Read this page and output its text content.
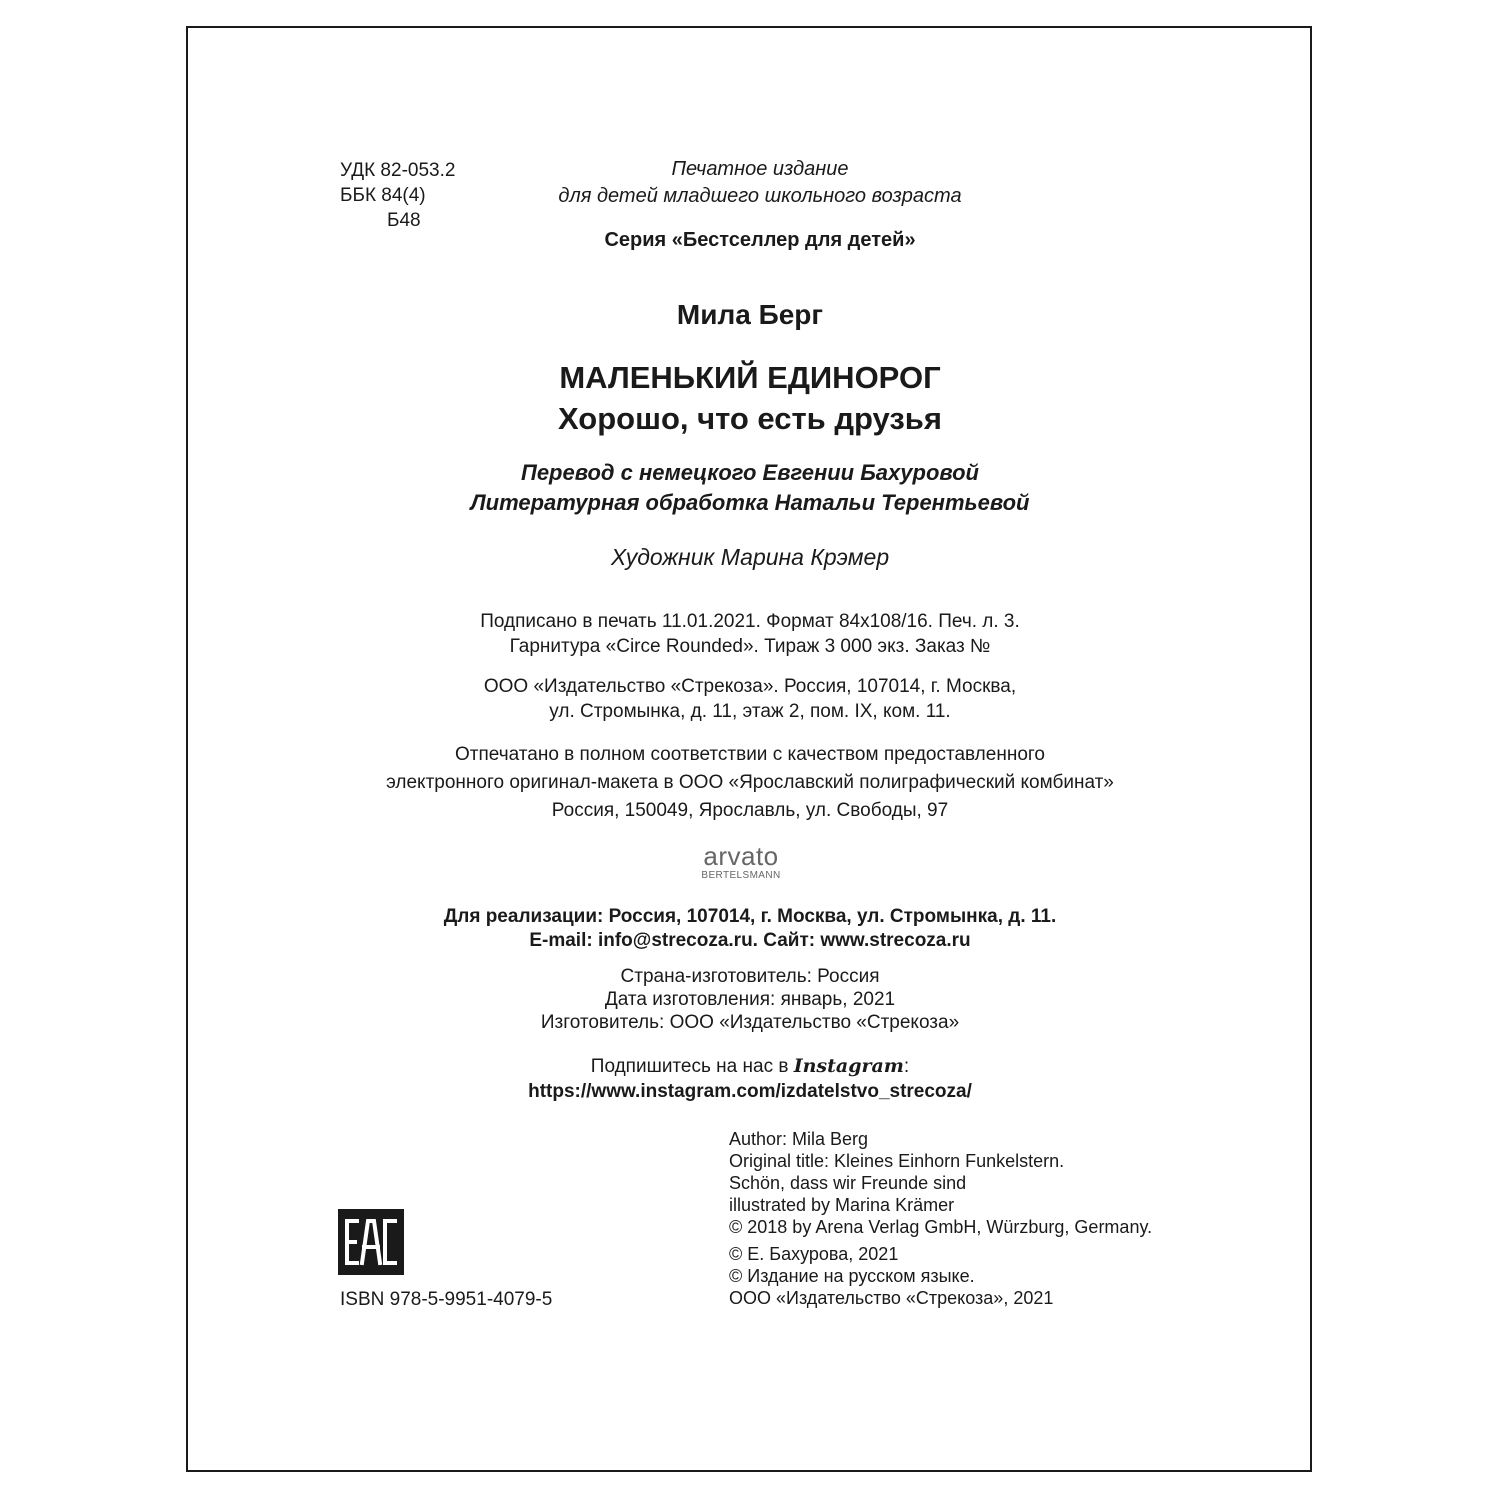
УДК 82-053.2
ББК 84(4)
Б48
Печатное издание
для детей младшего школьного возраста
Серия «Бестселлер для детей»
Мила Берг
МАЛЕНЬКИЙ ЕДИНОРОГ
Хорошо, что есть друзья
Перевод с немецкого Евгении Бахуровой
Литературная обработка Натальи Терентьевой
Художник Марина Крэмер
Подписано в печать 11.01.2021. Формат 84х108/16. Печ. л. 3.
Гарнитура «Circe Rounded». Тираж 3 000 экз. Заказ №
ООО «Издательство «Стрекоза». Россия, 107014, г. Москва,
ул. Стромынка, д. 11, этаж 2, пом. IX, ком. 11.
Отпечатано в полном соответствии с качеством предоставленного
электронного оригинал-макета в ООО «Ярославский полиграфический комбинат»
Россия, 150049, Ярославль, ул. Свободы, 97
arvato
BERTELSMANN
Для реализации: Россия, 107014, г. Москва, ул. Стромынка, д. 11.
E-mail: info@strecoza.ru. Сайт: www.strecoza.ru
Страна-изготовитель: Россия
Дата изготовления: январь, 2021
Изготовитель: ООО «Издательство «Стрекоза»
Подпишитесь на нас в Instagram:
https://www.instagram.com/izdatelstvo_strecoza/
Author: Mila Berg
Original title: Kleines Einhorn Funkelstern.
Schön, dass wir Freunde sind
illustrated by Marina Krämer
© 2018 by Arena Verlag GmbH, Würzburg, Germany.
© Е. Бахурова, 2021
© Издание на русском языке.
ООО «Издательство «Стрекоза», 2021
ISBN 978-5-9951-4079-5
